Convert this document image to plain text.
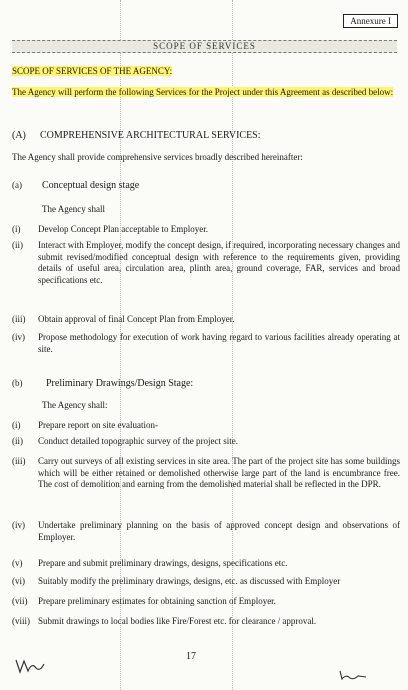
Annexure I
SCOPE OF SERVICES
SCOPE OF SERVICES OF THE AGENCY:
The Agency will perform the following Services for the Project under this Agreement as described below:
(A) COMPREHENSIVE ARCHITECTURAL SERVICES:
The Agency shall provide comprehensive services broadly described hereinafter:
(a) Conceptual design stage
The Agency shall
(i)	Develop Concept Plan acceptable to Employer.
(ii)	Interact with Employer, modify the concept design, if required, incorporating necessary changes and submit revised/modified conceptual design with reference to the requirements given, providing details of useful area, circulation area, plinth area, ground coverage, FAR, services and broad specifications etc.
(iii)	Obtain approval of final Concept Plan from Employer.
(iv)	Propose methodology for execution of work having regard to various facilities already operating at site.
(b) Preliminary Drawings/Design Stage:
The Agency shall:
(i)	Prepare report on site evaluation-
(ii)	Conduct detailed topographic survey of the project site.
(iii)	Carry out surveys of all existing services in site area. The part of the project site has some buildings which will be either retained or demolished otherwise large part of the land is encumbrance free. The cost of demolition and earning from the demolished material shall be reflected in the DPR.
(iv)	Undertake preliminary planning on the basis of approved concept design and observations of Employer.
(v)	Prepare and submit preliminary drawings, designs, specifications etc.
(vi)	Suitably modify the preliminary drawings, designs, etc. as discussed with Employer
(vii)	Prepare preliminary estimates for obtaining sanction of Employer.
(viii) Submit drawings to local bodies like Fire/Forest etc. for clearance / approval.
17
